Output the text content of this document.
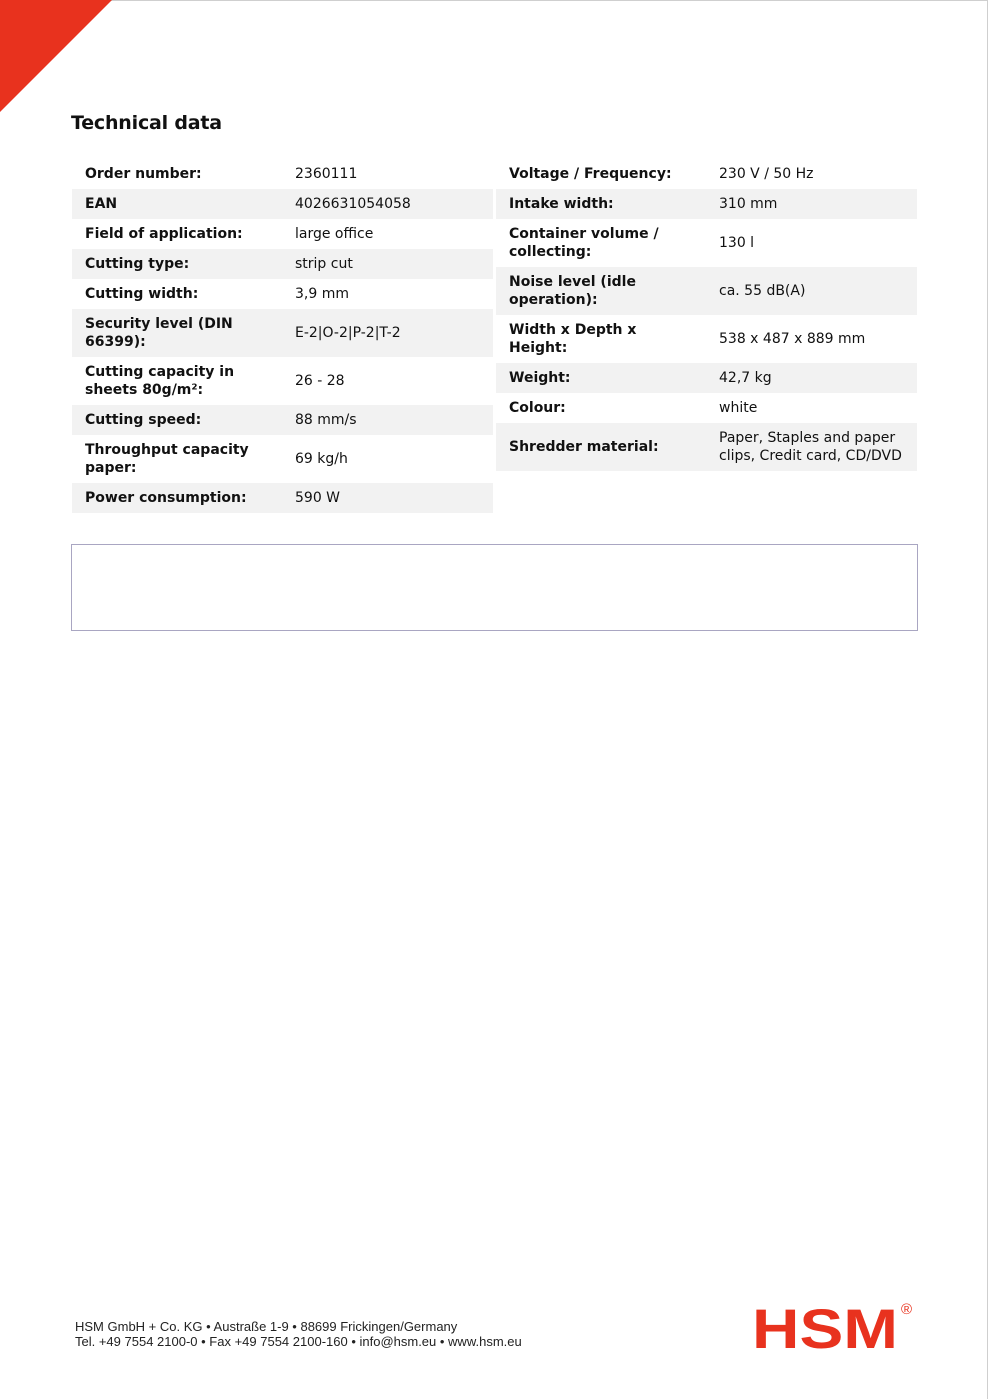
Technical data
Order number:	2360111
EAN	4026631054058
Field of application:	large office
Cutting type:	strip cut
Cutting width:	3,9 mm
Security level (DIN 66399):	E-2|O-2|P-2|T-2
Cutting capacity in sheets 80g/m²:	26 - 28
Cutting speed:	88 mm/s
Throughput capacity paper:	69 kg/h
Power consumption:	590 W
Voltage / Frequency:	230 V / 50 Hz
Intake width:	310 mm
Container volume / collecting:	130 l
Noise level (idle operation):	ca. 55 dB(A)
Width x Depth x Height:	538 x 487 x 889 mm
Weight:	42,7 kg
Colour:	white
Shredder material:	Paper, Staples and paper clips, Credit card, CD/DVD
HSM GmbH + Co. KG • Austraße 1-9 • 88699 Frickingen/Germany
Tel. +49 7554 2100-0 • Fax +49 7554 2100-160 • info@hsm.eu • www.hsm.eu	HSM ®
